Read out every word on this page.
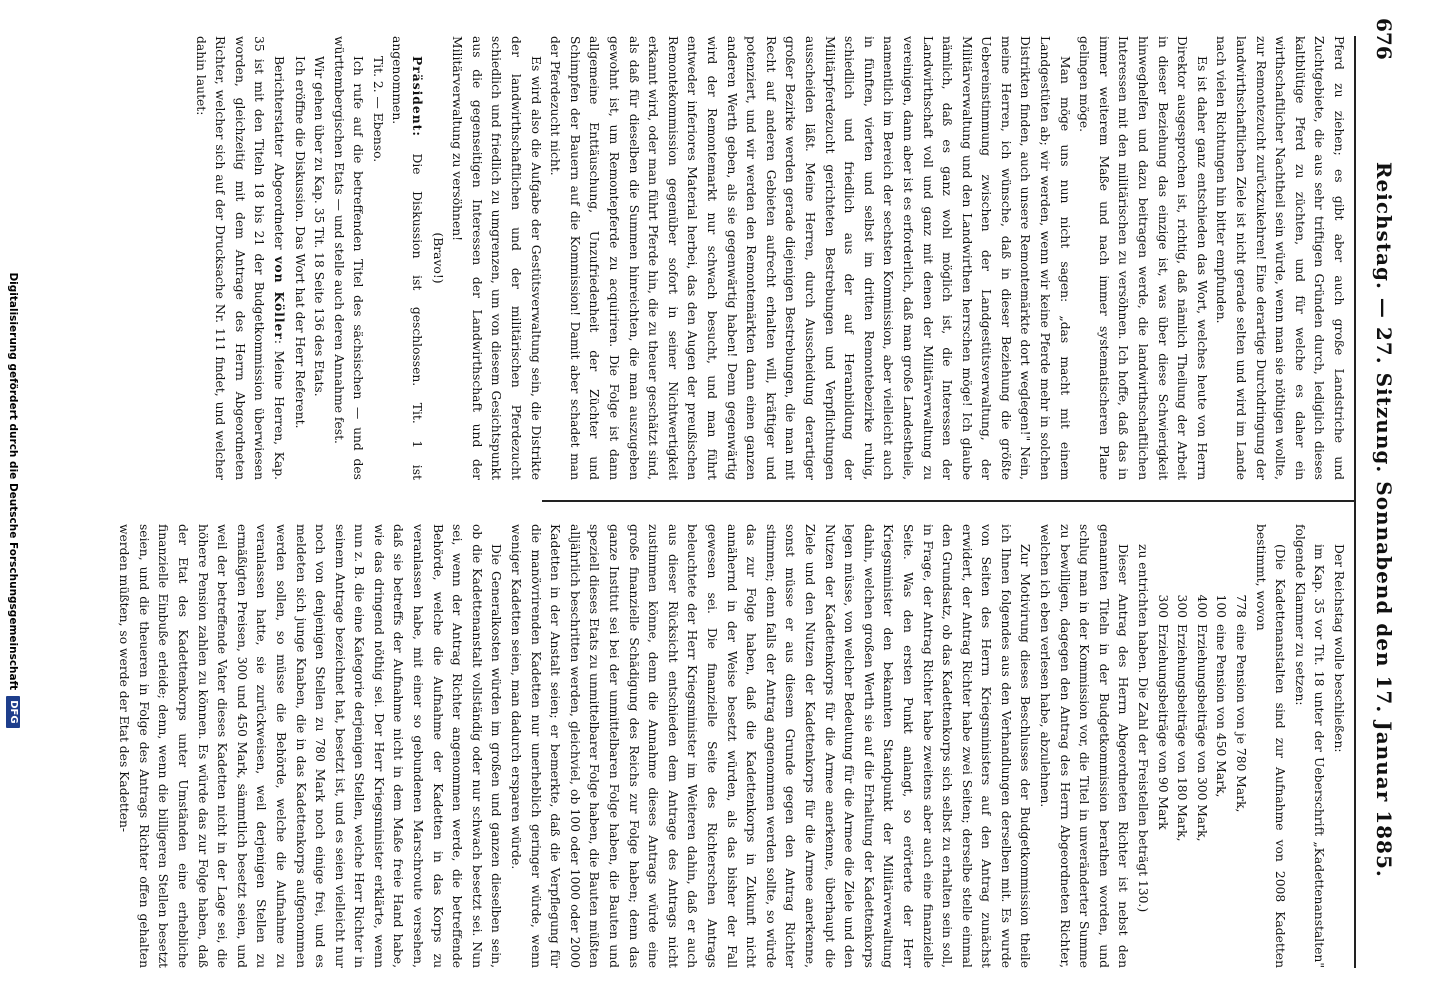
676
Reichstag. — 27. Sitzung. Sonnabend den 17. Januar 1885.

Pferd zu ziehen; es gibt aber auch große Landstriche und Zuchtgebiete, die aus sehr triftigen Gründen durch, lediglich dieses kaltblütige Pferd zu züchten, und für welche es daher ein wirthschaftlicher Nachtheil sein würde, wenn man sie nöthigen wollte, zur Remontezucht zurückzukehren! Eine derartige Durchdringung der landwirthschaftlichen Ziele ist nicht gerade selten und wird im Lande nach vielen Richtungen hin bitter empfunden.

Es ist daher ganz entschieden das Wort, welches heute von Herrn Direktor ausgesprochen ist, richtig, daß nämlich Theilung der Arbeit in dieser Beziehung das einzige ist, was über diese Schwierigkeit hinweghelfen und dazu beitragen werde, die landwirthschaftlichen Interessen mit den militärischen zu versöhnen. Ich hoffe, daß das in immer weiterem Maße und nach immer systematischeren Plane gelingen möge.

Man möge uns nun nicht sagen: „das macht mit einem Landgestüten ab; wir werden, wenn wir keine Pferde mehr in solchen Distrikten finden, auch unsere Remontemärkte dort weglegen!" Nein, meine Herren, ich wünsche, daß in dieser Beziehung die größte Uebereinstimmung zwischen der Landgestütsverwaltung, der Militärverwaltung und den Landwirthen herrschen möge! Ich glaube nämlich, daß es ganz wohl möglich ist, die Interessen der Landwirthschaft voll und ganz mit denen der Militärverwaltung zu vereinigen, dann aber ist es erforderlich, daß man große Landestheile, namentlich im Bereich der sechsten Kommission, aber vielleicht auch in fünften, vierten und selbst im dritten Remontebezirke ruhig, schiedlich und friedlich aus der auf Heranbildung der Militärpferdezucht gerichteten Bestrebungen und Verpflichtungen ausscheiden läßt. Meine Herren, durch Ausscheidung derartiger großer Bezirke werden gerade diejenigen Bestrebungen, die man mit Recht auf anderen Gebieten aufrecht erhalten will, kräftiger und potenziert, und wir werden den Remontemärkten dann einen ganzen anderen Werth geben, als sie gegenwärtig haben! Denn gegenwärtig wird der Remontemarkt nur schwach besucht, und man führt entweder inferiores Material herbei, das den Augen der preußischen Remontekommission gegenüber sofort in seiner Nichtwertigkeit erkannt wird, oder man führt Pferde hin, die zu theuer geschätzt sind, als daß für dieselben die Summen hinreichten, die man auszugeben gewohnt ist, um Remontepferde zu acquiriren. Die Folge ist dann allgemeine Enttäuschung, Unzufriedenheit der Züchter und Schimpfen der Bauern auf die Kommission! Damit aber schadet man der Pferdezucht nicht.

Es wird also die Aufgabe der Gestütsverwaltung sein, die Distrikte der landwirthschaftlichen und der militärischen Pferdezucht schiedlich und friedlich zu umgrenzen, um von diesem Gesichtspunkt aus die gegenseitigen Interessen der Landwirthschaft und der Militärverwaltung zu versöhnen!

(Bravo!)

Präsident: Die Diskussion ist geschlossen. Tit. 1 ist angenommen.

Tit. 2. — Ebenso.

Ich rufe auf die betreffenden Titel des sächsischen — und des württembergischen Etats — und stelle auch deren Annahme fest.

Wir gehen über zu Kap. 35 Tit. 18 Seite 136 des Etats.

Ich eröffne die Diskussion. Das Wort hat der Herr Referent.

Berichterstatter Abgeordneter von Köller: Meine Herren, Kap. 35 ist mit den Titeln 18 bis 21 der Budgetkommission überwiesen worden, gleichzeitig mit dem Antrage des Herrn Abgeordneten Richter, welcher sich auf der Drucksache Nr. 111 findet, und welcher dahin lautet:

Der Reichstag wolle beschließen:

im Kap. 35 vor Tit. 18 unter der Ueberschrift „Kadettenanstalten" folgende Klammer zu setzen:

(Die Kadettenanstalten sind zur Aufnahme von 2008 Kadetten bestimmt, wovon

778eine Pension von je 780 Mark,
100eine Pension von 450 Mark,
400Erziehungsbeiträge von 300 Mark,
300Erziehungsbeiträge von 180 Mark,
300Erziehungsbeiträge von 90 Mark

zu entrichten haben. Die Zahl der Freistellen beträgt 130.)

Dieser Antrag des Herrn Abgeordneten Richter ist nebst den genannten Titeln in der Budgetkommission berathen worden, und schlug man in der Kommission vor, die Titel in unveränderter Summe zu bewilligen, dagegen den Antrag des Herrn Abgeordneten Richter, welchen ich eben verlesen habe, abzulehnen.

Zur Motivirung dieses Beschlusses der Budgetkommission theile ich Ihnen folgendes aus den Verhandlungen derselben mit. Es wurde von Seiten des Herrn Kriegsministers auf den Antrag zunächst erwidert, der Antrag Richter habe zwei Seiten; derselbe stelle einmal den Grundsatz, ob das Kadettenkorps sich selbst zu erhalten sein soll, in Frage, der Antrag Richter habe zweitens aber auch eine finanzielle Seite. Was den ersten Punkt anlangt, so erörterte der Herr Kriegsminister den bekannten Standpunkt der Militärverwaltung dahin, welchen großen Werth sie auf die Erhaltung der Kadettenkorps legen müsse, von welcher Bedeutung für die Armee die Ziele und den Nutzen der Kadettenkorps für die Armee anerkenne, überhaupt die Ziele und den Nutzen der Kadettenkorps für die Armee anerkenne, sonst müsse er aus diesem Grunde gegen den Antrag Richter stimmen; denn falls der Antrag angenommen werden sollte, so würde das zur Folge haben, daß die Kadettenkorps in Zukunft nicht annähernd in der Weise besetzt würden, als das bisher der Fall gewesen sei. Die finanzielle Seite des Richterschen Antrags beleuchtete der Herr Kriegsminister im Weiteren dahin, daß er auch aus dieser Rücksicht entschieden dem Antrage des Antrags nicht zustimmen könne, denn die Annahme dieses Antrags würde eine große finanzielle Schädigung des Reichs zur Folge haben; denn das ganze Institut sei bei der unmittelbaren Folge haben, die Bauten und speziell dieses Etats zu unmittelbarer Folge haben, die Bauten müßten alljährlich beschritten werden, gleichviel, ob 100 oder 1000 oder 2000 Kadetten in der Anstalt seien; er bemerkte, daß die Verpflegung für die manövrirenden Kadetten nur unerheblich geringer würde, wenn weniger Kadetten seien, man dadurch ersparen würde.

Die Generalkosten würden im großen und ganzen dieselben sein, ob die Kadettenanstalt vollständig oder nur schwach besetzt sei. Nun sei, wenn der Antrag Richter angenommen werde, die betreffende Behörde, welche die Aufnahme der Kadetten in das Korps zu veranlassen habe, mit einer so gebundenen Marschroute versehen, daß sie betreffs der Aufnahme nicht in dem Maße freie Hand habe, wie das dringend nöthig sei. Der Herr Kriegsminister erklärte, wenn nun z. B. die eine Kategorie derjenigen Stellen, welche Herr Richter in seinem Antrage bezeichnet hat, besetzt ist, und es seien vielleicht nur noch von denjenigen Stellen zu 780 Mark noch einige frei, und es meldeten sich junge Knaben, die in das Kadettenkorps aufgenommen werden sollen, so müsse die Behörde, welche die Aufnahme zu veranlassen hatte, sie zurückweisen, weil derjenigen Stellen zu ermäßigten Preisen, 300 und 450 Mark, sämmtlich besetzt seien, und weil der betreffende Vater dieses Kadetten nicht in der Lage sei, die höhere Pension zahlen zu können. Es würde das zur Folge haben, daß der Etat des Kadettenkorps unter Umständen eine erhebliche finanzielle Einbuße erleide; denn, wenn die billigeren Stellen besetzt seien, und die theueren in Folge des Antrags Richter offen gehalten werden müßten, so werde der Etat des Kadetten-

Digitalisierung gefördert durch die Deutsche Forschungsgemeinschaft
DFG
